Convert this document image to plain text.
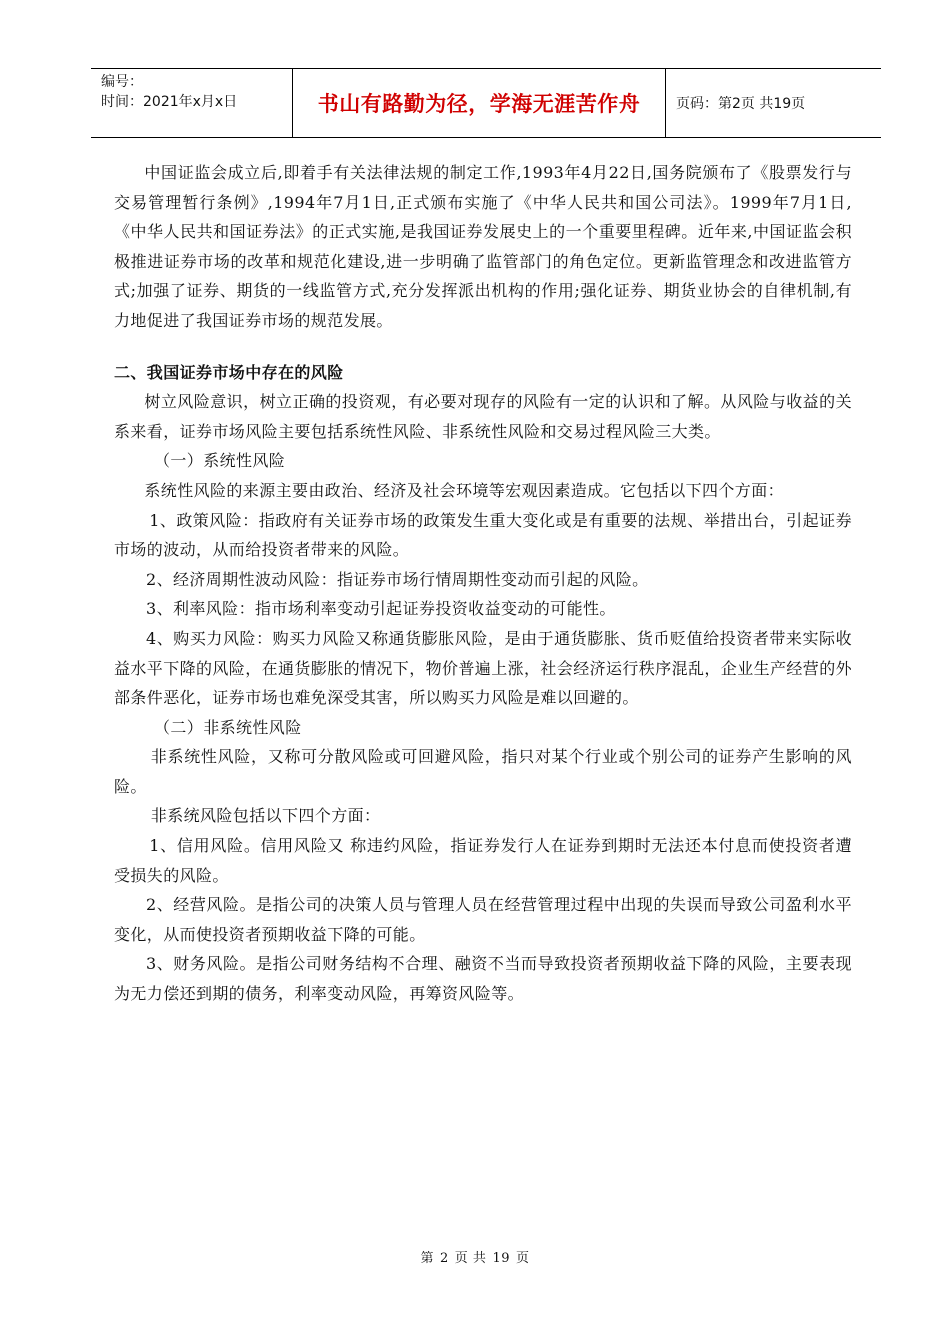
编号：
时间：2021年x月x日	书山有路勤为径，学海无涯苦作舟	页码：第2页 共19页

中国证监会成立后,即着手有关法律法规的制定工作,1993年4月22日,国务院颁布了《股票发行与交易管理暂行条例》,1994年7月1日,正式颁布实施了《中华人民共和国公司法》。1999年7月1日,《中华人民共和国证券法》的正式实施,是我国证券发展史上的一个重要里程碑。近年来,中国证监会积极推进证券市场的改革和规范化建设,进一步明确了监管部门的角色定位。更新监管理念和改进监管方式;加强了证券、期货的一线监管方式,充分发挥派出机构的作用;强化证券、期货业协会的自律机制,有力地促进了我国证券市场的规范发展。

二、我国证券市场中存在的风险

树立风险意识，树立正确的投资观，有必要对现存的风险有一定的认识和了解。从风险与收益的关系来看，证券市场风险主要包括系统性风险、非系统性风险和交易过程风险三大类。

（一）系统性风险

系统性风险的来源主要由政治、经济及社会环境等宏观因素造成。它包括以下四个方面：

1、政策风险：指政府有关证券市场的政策发生重大变化或是有重要的法规、举措出台，引起证券市场的波动，从而给投资者带来的风险。

2、经济周期性波动风险：指证券市场行情周期性变动而引起的风险。

3、利率风险：指市场利率变动引起证券投资收益变动的可能性。

4、购买力风险：购买力风险又称通货膨胀风险，是由于通货膨胀、货币贬值给投资者带来实际收益水平下降的风险，在通货膨胀的情况下，物价普遍上涨，社会经济运行秩序混乱，企业生产经营的外部条件恶化，证券市场也难免深受其害，所以购买力风险是难以回避的。

（二）非系统性风险

非系统性风险，又称可分散风险或可回避风险，指只对某个行业或个别公司的证券产生影响的风险。

非系统风险包括以下四个方面：

1、信用风险。信用风险又 称违约风险，指证券发行人在证券到期时无法还本付息而使投资者遭受损失的风险。

2、经营风险。是指公司的决策人员与管理人员在经营管理过程中出现的失误而导致公司盈利水平变化，从而使投资者预期收益下降的可能。

3、财务风险。是指公司财务结构不合理、融资不当而导致投资者预期收益下降的风险，主要表现为无力偿还到期的债务，利率变动风险，再筹资风险等。

第 2 页 共 19 页
